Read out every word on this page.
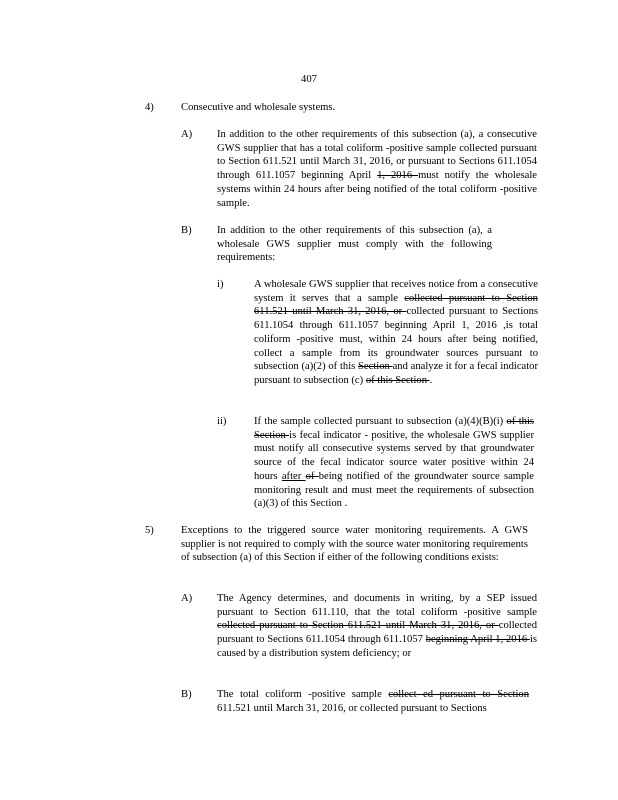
407
4)	Consecutive and wholesale systems.
A) In addition to the other requirements of this subsection (a), a consecutive GWS supplier that has a total coliform -positive sample collected pursuant to Section 611.521 until March 31, 2016, or pursuant to Sections 611.1054 through 611.1057 beginning April 1, 2016 must notify the wholesale systems within 24 hours after being notified of the total coliform -positive sample.
B) In addition to the other requirements of this subsection (a), a wholesale GWS supplier must comply with the following requirements:
i)	A wholesale GWS supplier that receives notice from a consecutive system it serves that a sample collected pursuant to Section 611.521 until March 31, 2016, or collected pursuant to Sections 611.1054 through 611.1057 beginning April 1, 2016 ,is total coliform -positive must, within 24 hours after being notified, collect a sample from its groundwater sources pursuant to subsection (a)(2) of this Section and analyze it for a fecal indicator pursuant to subsection (c) of this Section .
ii)	If the sample collected pursuant to subsection (a)(4)(B)(i) of this Section is fecal indicator - positive, the wholesale GWS supplier must notify all consecutive systems served by that groundwater source of the fecal indicator source water positive within 24 hours after of being notified of the groundwater source sample monitoring result and must meet the requirements of subsection (a)(3) of this Section .
5)	Exceptions to the triggered source water monitoring requirements. A GWS supplier is not required to comply with the source water monitoring requirements of subsection (a) of this Section if either of the following conditions exists:
A) The Agency determines, and documents in writing, by a SEP issued pursuant to Section 611.110, that the total coliform -positive sample collected pursuant to Section 611.521 until March 31, 2016, or collected pursuant to Sections 611.1054 through 611.1057 beginning April 1, 2016 is caused by a distribution system deficiency; or
B) The total coliform -positive sample collect ed pursuant to Section 611.521 until March 31, 2016, or collected pursuant to Sections
